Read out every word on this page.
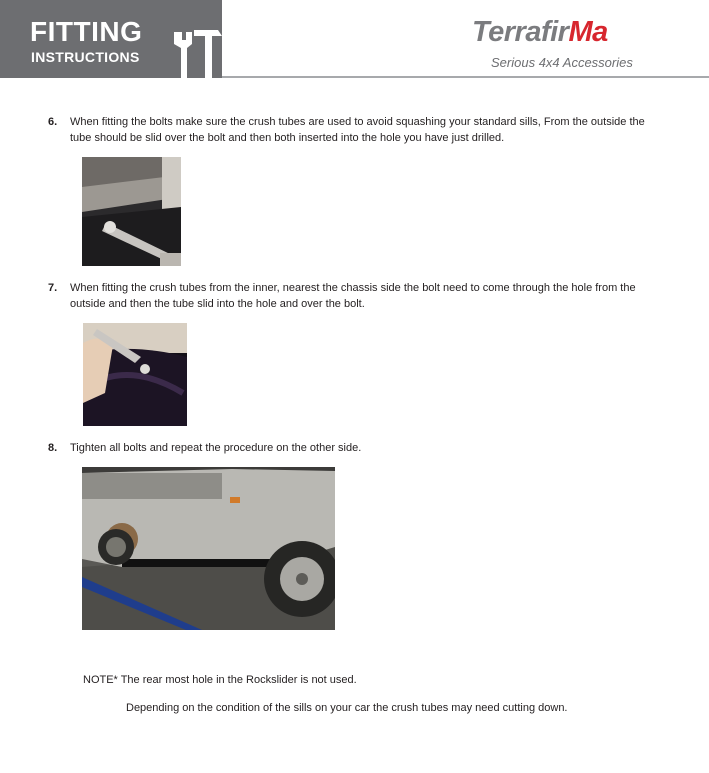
FITTING
INSTRUCTIONS
TerrafirMa
Serious 4x4 Accessories
6. When fitting the bolts make sure the crush tubes are used to avoid squashing your standard sills, From the outside the tube should be slid over the bolt and then both inserted into the hole you have just drilled.
7. When fitting the crush tubes from the inner, nearest the chassis side the bolt need to come through the hole from the outside and then the tube slid into the hole and over the bolt.
8. Tighten all bolts and repeat the procedure on the other side.
NOTE* The rear most hole in the Rockslider is not used.
Depending on the condition of the sills on your car the crush tubes may need cutting down.
